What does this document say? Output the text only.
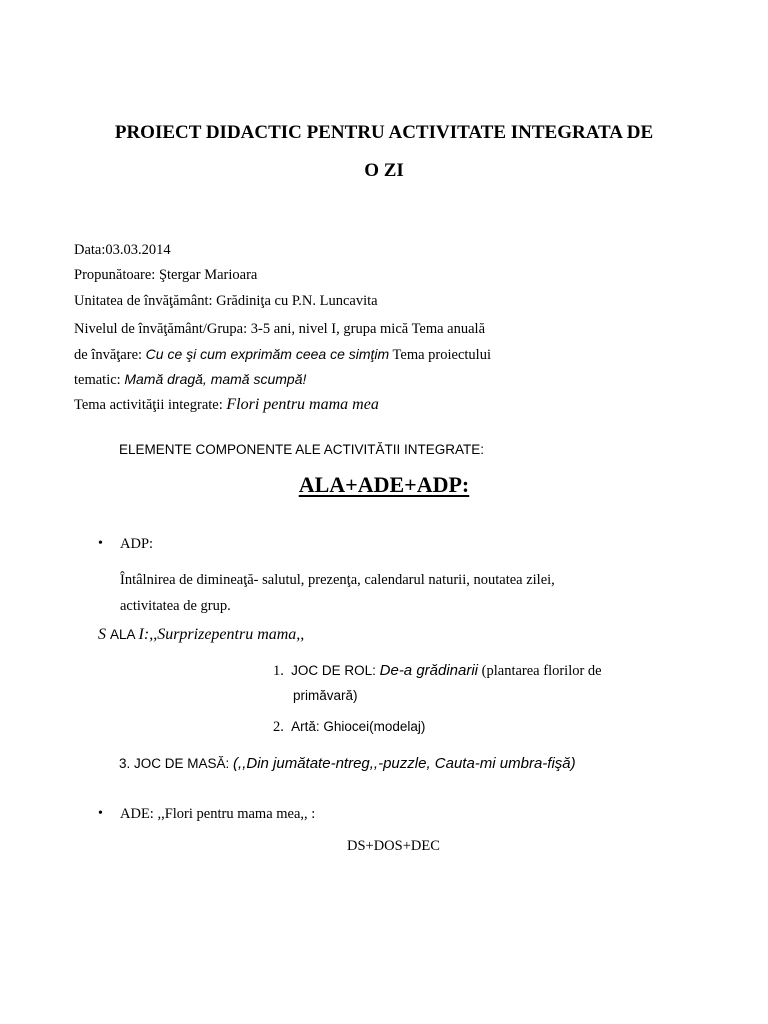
PROIECT DIDACTIC PENTRU ACTIVITATE INTEGRATA DE
O ZI

Data:03.03.2014

Propunătoare: Ştergar Marioara

Unitatea de învăţământ: Grădiniţa cu P.N. Luncavita

Nivelul de învăţământ/Grupa: 3-5 ani, nivel I, grupa mică Tema anuală

de învăţare: Cu ce şi cum exprimăm ceea ce simţim Tema proiectului

tematic: Mamă dragă, mamă scumpă!

Tema activităţii integrate: Flori pentru mama mea

ELEMENTE COMPONENTE ALE ACTIVITĂTII INTEGRATE:

ALA+ADE+ADP:

• ADP:

Întâlnirea de dimineaţă- salutul, prezenţa, calendarul naturii, noutatea zilei,

activitatea de grup.

S ALA I:,,Surprizepentru mama,,

1. JOC DE ROL: De-a grădinarii (plantarea florilor de

primăvară)

2. Artă: Ghiocei(modelaj)

3. JOC DE MASĂ: (,,Din jumătate-ntreg,,-puzzle, Cauta-mi umbra-fişă)

• ADE: ,,Flori pentru mama mea,, :

DS+DOS+DEC
